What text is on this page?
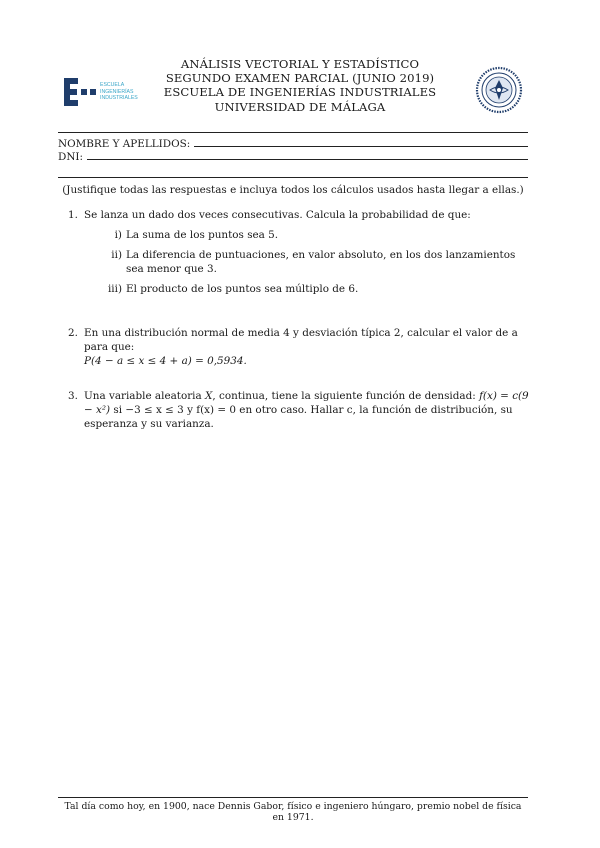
ANÁLISIS VECTORIAL Y ESTADÍSTICO
SEGUNDO EXAMEN PARCIAL (JUNIO 2019)
ESCUELA DE INGENIERÍAS INDUSTRIALES
UNIVERSIDAD DE MÁLAGA
ESCUELA
INGENIERÍAS
INDUSTRIALES
NOMBRE Y APELLIDOS:
DNI:
(Justifique todas las respuestas e incluya todos los cálculos usados hasta llegar a ellas.)
1. Se lanza un dado dos veces consecutivas. Calcula la probabilidad de que:
i) La suma de los puntos sea 5.
ii) La diferencia de puntuaciones, en valor absoluto, en los dos lanzamientos sea menor que 3.
iii) El producto de los puntos sea múltiplo de 6.
2. En una distribución normal de media 4 y desviación típica 2, calcular el valor de a para que:
P(4 − a ≤ x ≤ 4 + a) = 0,5934.
3. Una variable aleatoria X, continua, tiene la siguiente función de densidad: f(x) = c(9 − x²) si −3 ≤ x ≤ 3 y f(x) = 0 en otro caso. Hallar c, la función de distribución, su esperanza y su varianza.
Tal día como hoy, en 1900, nace Dennis Gabor, físico e ingeniero húngaro, premio nobel de física en 1971.
